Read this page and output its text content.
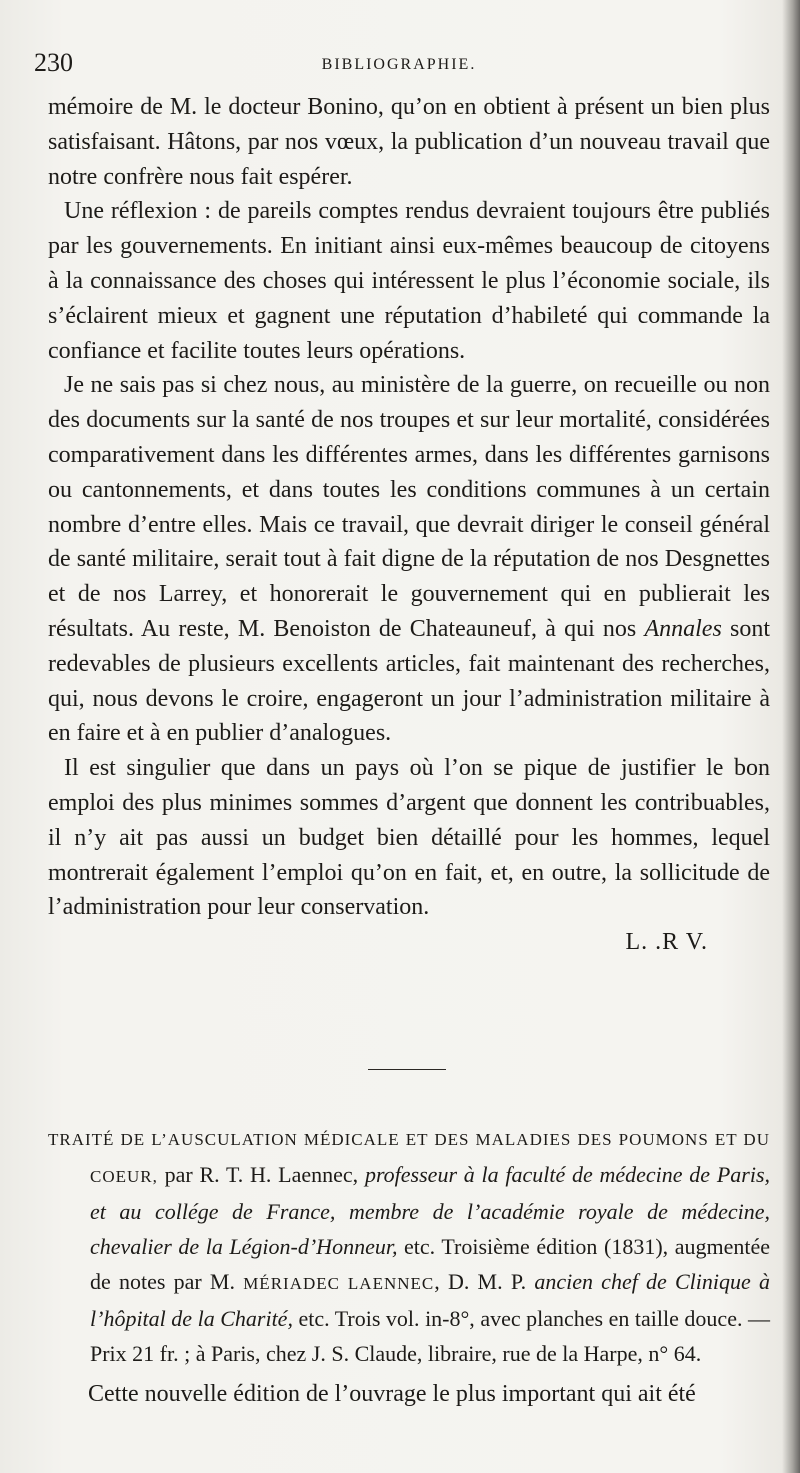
230	BIBLIOGRAPHIE.

mémoire de M. le docteur Bonino, qu’on en obtient à présent un bien plus satisfaisant. Hâtons, par nos vœux, la publication d’un nouveau travail que notre confrère nous fait espérer.

Une réflexion : de pareils comptes rendus devraient toujours être publiés par les gouvernements. En initiant ainsi eux-mêmes beaucoup de citoyens à la connaissance des choses qui intéressent le plus l’économie sociale, ils s’éclairent mieux et gagnent une réputation d’habileté qui commande la confiance et facilite toutes leurs opérations.

Je ne sais pas si chez nous, au ministère de la guerre, on recueille ou non des documents sur la santé de nos troupes et sur leur mortalité, considérées comparativement dans les différentes armes, dans les différentes garnisons ou cantonnements, et dans toutes les conditions communes à un certain nombre d’entre elles. Mais ce travail, que devrait diriger le conseil général de santé militaire, serait tout à fait digne de la réputation de nos Desgnettes et de nos Larrey, et honorerait le gouvernement qui en publierait les résultats. Au reste, M. Benoiston de Chateauneuf, à qui nos Annales sont redevables de plusieurs excellents articles, fait maintenant des recherches, qui, nous devons le croire, engageront un jour l’administration militaire à en faire et à en publier d’analogues.

Il est singulier que dans un pays où l’on se pique de justifier le bon emploi des plus minimes sommes d’argent que donnent les contribuables, il n’y ait pas aussi un budget bien détaillé pour les hommes, lequel montrerait également l’emploi qu’on en fait, et, en outre, la sollicitude de l’administration pour leur conservation.

L. .R V.

TRAITÉ DE L’AUSCULATION MÉDICALE ET DES MALADIES DES POUMONS ET DU COEUR, par R. T. H. Laennec, professeur à la faculté de médecine de Paris, et au collége de France, membre de l’académie royale de médecine, chevalier de la Légion-d’Honneur, etc. Troisième édition (1831), augmentée de notes par M. MÉRIADEC LAENNEC, D. M. P. ancien chef de Clinique à l’hôpital de la Charité, etc. Trois vol. in-8°, avec planches en taille douce. — Prix 21 fr. ; à Paris, chez J. S. Claude, libraire, rue de la Harpe, n° 64.

Cette nouvelle édition de l’ouvrage le plus important qui ait été
